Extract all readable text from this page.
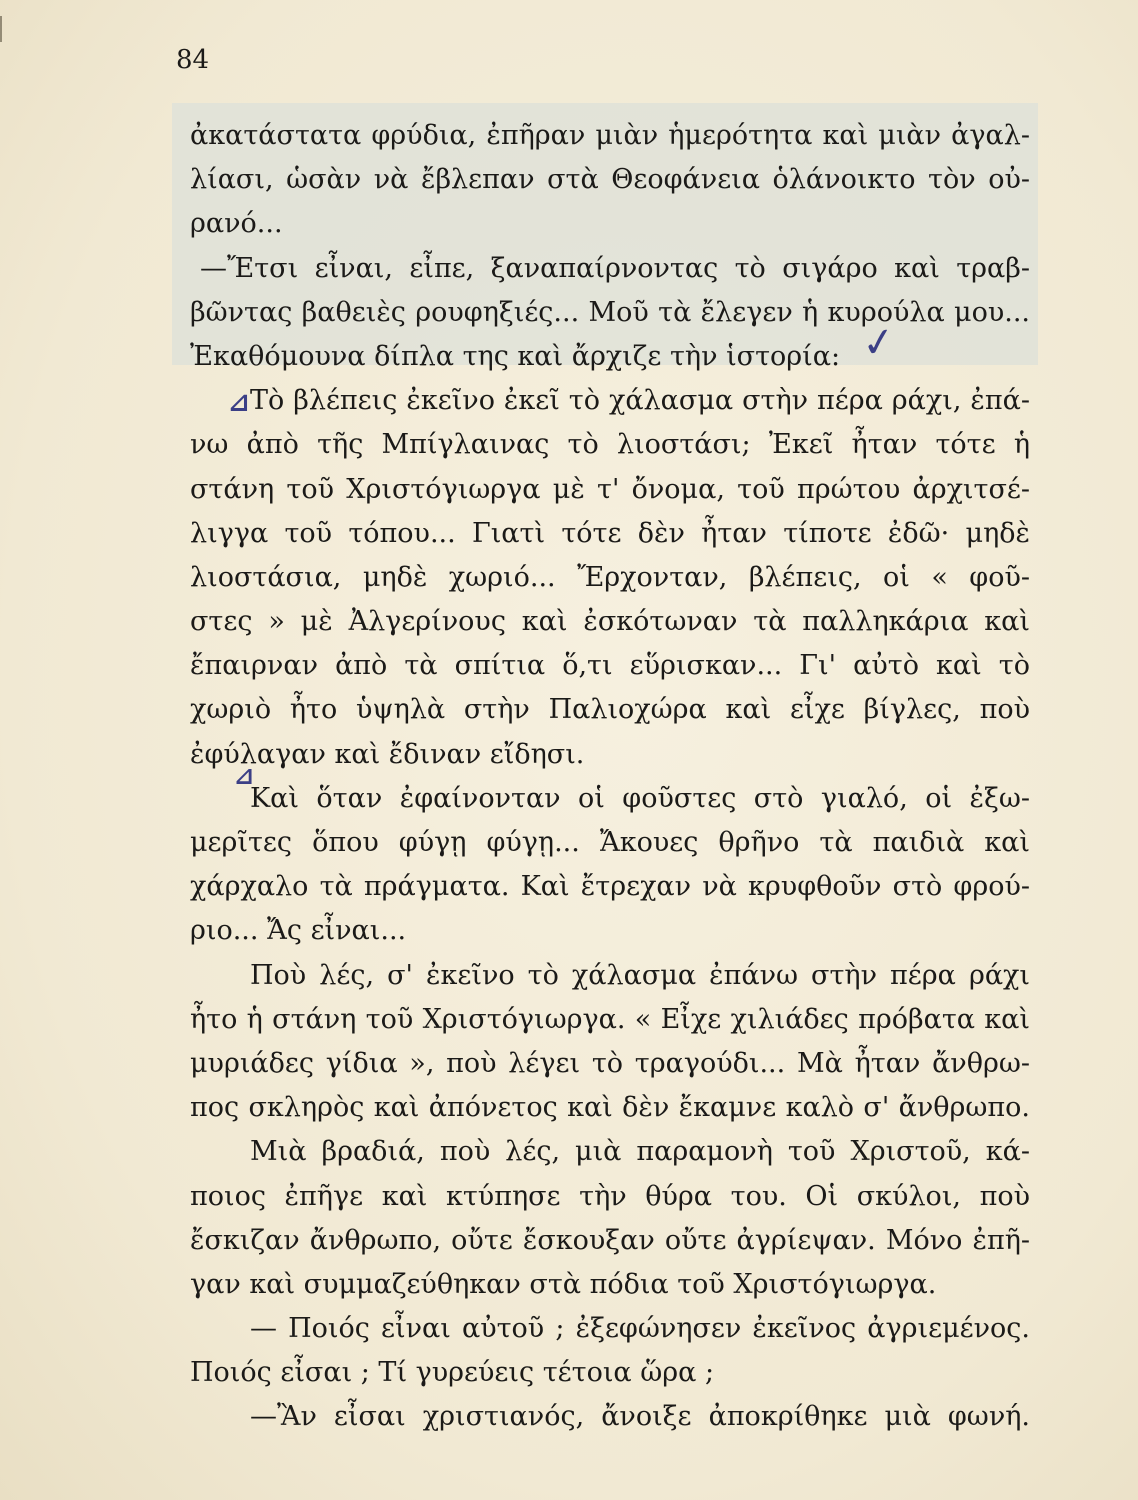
84
ἀκατάστατα φρύδια, ἐπῆραν μιὰν ἡμερότητα καὶ μιὰν ἀγαλ-
λίασι, ὡσὰν νὰ ἔβλεπαν στὰ Θεοφάνεια ὁλάνοικτο τὸν οὐ-
ρανό...
—Ἔτσι εἶναι, εἶπε, ξαναπαίρνοντας τὸ σιγάρο καὶ τραβ-
βῶντας βαθειὲς ρουφηξιές... Μοῦ τὰ ἔλεγεν ἡ κυρούλα μου...
Ἐκαθόμουνα δίπλα της καὶ ἄρχιζε τὴν ἱστορία:
Τὸ βλέπεις ἐκεῖνο ἐκεῖ τὸ χάλασμα στὴν πέρα ράχι, ἐπά-
νω ἀπὸ τῆς Μπίγλαινας τὸ λιοστάσι; Ἐκεῖ ἦταν τότε ἡ
στάνη τοῦ Χριστόγιωργα μὲ τ' ὄνομα, τοῦ πρώτου ἀρχιτσέ-
λιγγα τοῦ τόπου... Γιατὶ τότε δὲν ἦταν τίποτε ἐδῶ· μηδὲ
λιοστάσια, μηδὲ χωριό... Ἔρχονταν, βλέπεις, οἱ « φοῦ-
στες » μὲ Ἀλγερίνους καὶ ἐσκότωναν τὰ παλληκάρια καὶ
ἔπαιρναν ἀπὸ τὰ σπίτια ὅ,τι εὕρισκαν... Γι' αὐτὸ καὶ τὸ
χωριὸ ἦτο ὑψηλὰ στὴν Παλιοχώρα καὶ εἶχε βίγλες, ποὺ
ἐφύλαγαν καὶ ἔδιναν εἴδησι.
Καὶ ὅταν ἐφαίνονταν οἱ φοῦστες στὸ γιαλό, οἱ ἐξω-
μερῖτες ὅπου φύγῃ φύγῃ... Ἄκουες θρῆνο τὰ παιδιὰ καὶ
χάρχαλο τὰ πράγματα. Καὶ ἔτρεχαν νὰ κρυφθοῦν στὸ φρού-
ριο... Ἄς εἶναι...
Ποὺ λές, σ' ἐκεῖνο τὸ χάλασμα ἐπάνω στὴν πέρα ράχι
ἦτο ἡ στάνη τοῦ Χριστόγιωργα. « Εἶχε χιλιάδες πρόβατα καὶ
μυριάδες γίδια », ποὺ λέγει τὸ τραγούδι... Μὰ ἦταν ἄνθρω-
πος σκληρὸς καὶ ἀπόνετος καὶ δὲν ἔκαμνε καλὸ σ' ἄνθρωπο.
Μιὰ βραδιά, ποὺ λές, μιὰ παραμονὴ τοῦ Χριστοῦ, κά-
ποιος ἐπῆγε καὶ κτύπησε τὴν θύρα του. Οἱ σκύλοι, ποὺ
ἔσκιζαν ἄνθρωπο, οὔτε ἔσκουξαν οὔτε ἀγρίεψαν. Μόνο ἐπῆ-
γαν καὶ συμμαζεύθηκαν στὰ πόδια τοῦ Χριστόγιωργα.
— Ποιός εἶναι αὐτοῦ ; ἐξεφώνησεν ἐκεῖνος ἀγριεμένος.
Ποιός εἶσαι ; Τί γυρεύεις τέτοια ὥρα ;
—Ἂν εἶσαι χριστιανός, ἄνοιξε ἀποκρίθηκε μιὰ φωνή.
✓
⊿
⊿
